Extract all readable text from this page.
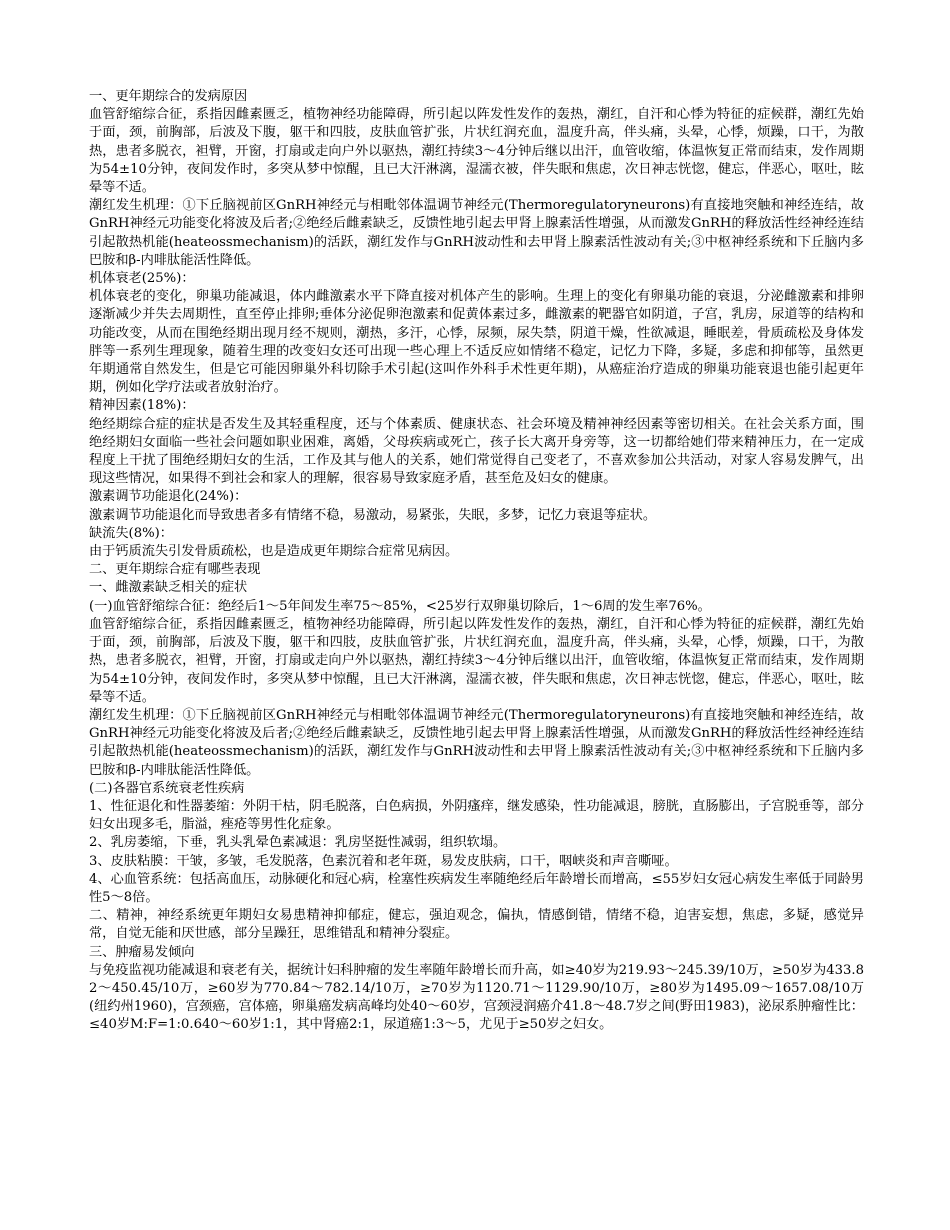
一、更年期综合的发病原因

血管舒缩综合征，系指因雌素匮乏，植物神经功能障碍，所引起以阵发性发作的轰热，潮红，自汗和心悸为特征的症候群，潮红先始于面，颈，前胸部，后波及下腹，躯干和四肢，皮肤血管扩张，片状红润充血，温度升高，伴头痛，头晕，心悸，烦躁，口干，为散热，患者多脱衣，袒臂，开窗，打扇或走向户外以驱热，潮红持续3～4分钟后继以出汗，血管收缩，体温恢复正常而结束，发作周期为54±10分钟，夜间发作时，多突从梦中惊醒，且已大汗淋漓，湿濡衣被，伴失眠和焦虑，次日神志恍惚，健忘，伴恶心，呕吐，眩晕等不适。

潮红发生机理：①下丘脑视前区GnRH神经元与相毗邻体温调节神经元(Thermoregulatoryneurons)有直接地突触和神经连结，故GnRH神经元功能变化将波及后者;②绝经后雌素缺乏，反馈性地引起去甲肾上腺素活性增强，从而激发GnRH的释放活性经神经连结引起散热机能(heateossmechanism)的活跃，潮红发作与GnRH波动性和去甲肾上腺素活性波动有关;③中枢神经系统和下丘脑内多巴胺和β-内啡肽能活性降低。

机体衰老(25%)：

机体衰老的变化，卵巢功能减退，体内雌激素水平下降直接对机体产生的影响。生理上的变化有卵巢功能的衰退，分泌雌激素和排卵逐渐减少并失去周期性，直至停止排卵;垂体分泌促卵泡激素和促黄体素过多，雌激素的靶器官如阴道，子宫，乳房，尿道等的结构和功能改变，从而在围绝经期出现月经不规则，潮热，多汗，心悸，尿频，尿失禁，阴道干燥，性欲减退，睡眠差，骨质疏松及身体发胖等一系列生理现象，随着生理的改变妇女还可出现一些心理上不适反应如情绪不稳定，记忆力下降，多疑，多虑和抑郁等，虽然更年期通常自然发生，但是它可能因卵巢外科切除手术引起(这叫作外科手术性更年期)，从癌症治疗造成的卵巢功能衰退也能引起更年期，例如化学疗法或者放射治疗。

精神因素(18%)：

绝经期综合症的症状是否发生及其轻重程度，还与个体素质、健康状态、社会环境及精神神经因素等密切相关。在社会关系方面，围绝经期妇女面临一些社会问题如职业困难，离婚，父母疾病或死亡，孩子长大离开身旁等，这一切都给她们带来精神压力，在一定成程度上干扰了围绝经期妇女的生活，工作及其与他人的关系，她们常觉得自己变老了，不喜欢参加公共活动，对家人容易发脾气，出现这些情况，如果得不到社会和家人的理解，很容易导致家庭矛盾，甚至危及妇女的健康。

激素调节功能退化(24%)：

激素调节功能退化而导致患者多有情绪不稳，易激动，易紧张，失眠，多梦，记忆力衰退等症状。

缺流失(8%)：

由于钙质流失引发骨质疏松，也是造成更年期综合症常见病因。

二、更年期综合症有哪些表现

一、雌激素缺乏相关的症状

(一)血管舒缩综合征：绝经后1～5年间发生率75～85%，<25岁行双卵巢切除后，1～6周的发生率76%。

血管舒缩综合征，系指因雌素匮乏，植物神经功能障碍，所引起以阵发性发作的轰热，潮红，自汗和心悸为特征的症候群，潮红先始于面，颈，前胸部，后波及下腹，躯干和四肢，皮肤血管扩张，片状红润充血，温度升高，伴头痛，头晕，心悸，烦躁，口干，为散热，患者多脱衣，袒臂，开窗，打扇或走向户外以驱热，潮红持续3～4分钟后继以出汗，血管收缩，体温恢复正常而结束，发作周期为54±10分钟，夜间发作时，多突从梦中惊醒，且已大汗淋漓，湿濡衣被，伴失眠和焦虑，次日神志恍惚，健忘，伴恶心，呕吐，眩晕等不适。

潮红发生机理：①下丘脑视前区GnRH神经元与相毗邻体温调节神经元(Thermoregulatoryneurons)有直接地突触和神经连结，故GnRH神经元功能变化将波及后者;②绝经后雌素缺乏，反馈性地引起去甲肾上腺素活性增强，从而激发GnRH的释放活性经神经连结引起散热机能(heateossmechanism)的活跃，潮红发作与GnRH波动性和去甲肾上腺素活性波动有关;③中枢神经系统和下丘脑内多巴胺和β-内啡肽能活性降低。

(二)各器官系统衰老性疾病

1、性征退化和性器萎缩：外阴干枯，阴毛脱落，白色病损，外阴瘙痒，继发感染，性功能减退，膀胱，直肠膨出，子宫脱垂等，部分妇女出现多毛，脂溢，痤疮等男性化症象。

2、乳房萎缩，下垂，乳头乳晕色素减退：乳房坚挺性减弱，组织软塌。

3、皮肤粘膜：干皱，多皱，毛发脱落，色素沉着和老年斑，易发皮肤病，口干，咽峡炎和声音嘶哑。

4、心血管系统：包括高血压，动脉硬化和冠心病，栓塞性疾病发生率随绝经后年龄增长而增高，≤55岁妇女冠心病发生率低于同龄男性5～8倍。

二、精神，神经系统更年期妇女易患精神抑郁症，健忘，强迫观念，偏执，情感倒错，情绪不稳，迫害妄想，焦虑，多疑，感觉异常，自觉无能和厌世感，部分呈躁狂，思维错乱和精神分裂症。

三、肿瘤易发倾向

与免疫监视功能减退和衰老有关，据统计妇科肿瘤的发生率随年龄增长而升高，如≥40岁为219.93～245.39/10万，≥50岁为433.82～450.45/10万，≥60岁为770.84～782.14/10万，≥70岁为1120.71～1129.90/10万，≥80岁为1495.09～1657.08/10万(纽约州1960)，宫颈癌，宫体癌，卵巢癌发病高峰均处40～60岁，宫颈浸润癌介41.8～48.7岁之间(野田1983)，泌尿系肿瘤性比：≤40岁M:F=1:0.640～60岁1:1，其中肾癌2:1，尿道癌1:3～5，尤见于≥50岁之妇女。
